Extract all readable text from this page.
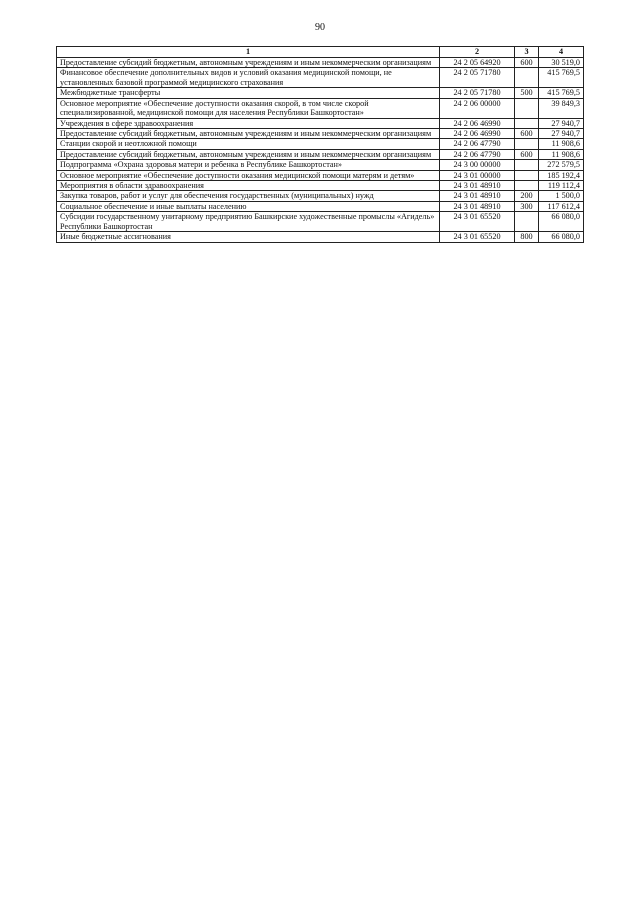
90
1	2	3	4
Предоставление субсидий бюджетным, автономным учреждениям и иным некоммерческим организациям	24 2 05 64920	600	30 519,0
Финансовое обеспечение дополнительных видов и условий оказания медицинской помощи, не установленных базовой программой медицинского страхования	24 2 05 71780		415 769,5
Межбюджетные трансферты	24 2 05 71780	500	415 769,5
Основное мероприятие «Обеспечение доступности оказания скорой, в том числе скорой специализированной, медицинской помощи для населения Республики Башкортостан»	24 2 06 00000		39 849,3
Учреждения в сфере здравоохранения	24 2 06 46990		27 940,7
Предоставление субсидий бюджетным, автономным учреждениям и иным некоммерческим организациям	24 2 06 46990	600	27 940,7
Станции скорой и неотложной помощи	24 2 06 47790		11 908,6
Предоставление субсидий бюджетным, автономным учреждениям и иным некоммерческим организациям	24 2 06 47790	600	11 908,6
Подпрограмма «Охрана здоровья матери и ребенка в Республике Башкортостан»	24 3 00 00000		272 579,5
Основное мероприятие «Обеспечение доступности оказания медицинской помощи матерям и детям»	24 3 01 00000		185 192,4
Мероприятия в области здравоохранения	24 3 01 48910		119 112,4
Закупка товаров, работ и услуг для обеспечения государственных (муниципальных) нужд	24 3 01 48910	200	1 500,0
Социальное обеспечение и иные выплаты населению	24 3 01 48910	300	117 612,4
Субсидии государственному унитарному предприятию Башкирские художественные промыслы «Агидель» Республики Башкортостан	24 3 01 65520		66 080,0
Иные бюджетные ассигнования	24 3 01 65520	800	66 080,0
